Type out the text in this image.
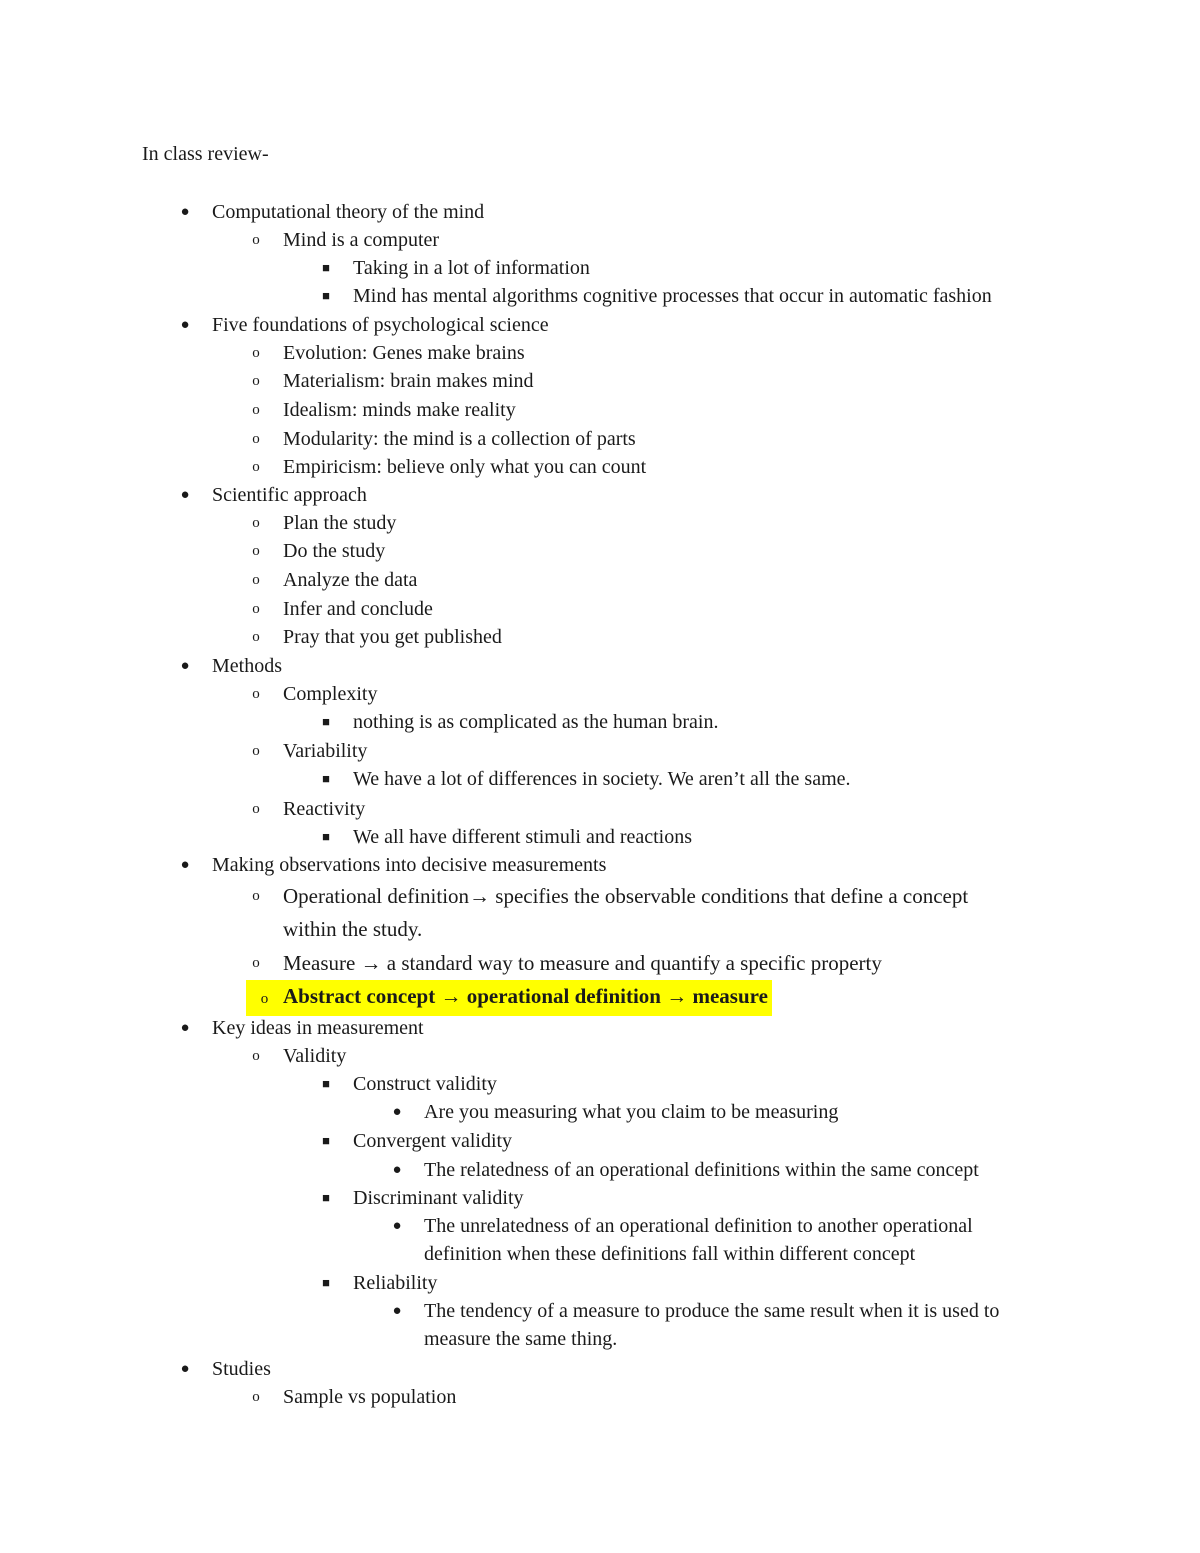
In class review-
● Computational theory of the mind
o	Mind is a computer
■	Taking in a lot of information
■	Mind has mental algorithms cognitive processes that occur in automatic fashion
● Five foundations of psychological science
o	Evolution: Genes make brains
o	Materialism: brain makes mind
o	Idealism: minds make reality
o	Modularity: the mind is a collection of parts
o	Empiricism: believe only what you can count
● Scientific approach
o	Plan the study
o	Do the study
o	Analyze the data
o	Infer and conclude
o	Pray that you get published
● Methods
o	Complexity
■	nothing is as complicated as the human brain.
o	Variability
■	We have a lot of differences in society. We aren’t all the same.
o	Reactivity
■	We all have different stimuli and reactions
● Making observations into decisive measurements
o Operational definition→ specifies the observable conditions that define a concept within the study.
o Measure → a standard way to measure and quantify a specific property
o Abstract concept → operational definition → measure
● Key ideas in measurement
o	Validity
■	Construct validity
● Are you measuring what you claim to be measuring
■	Convergent validity
● The relatedness of an operational definitions within the same concept
■	Discriminant validity
● The unrelatedness of an operational definition to another operational definition when these definitions fall within different concept
■	Reliability
● The tendency of a measure to produce the same result when it is used to measure the same thing.
● Studies
o	Sample vs population
